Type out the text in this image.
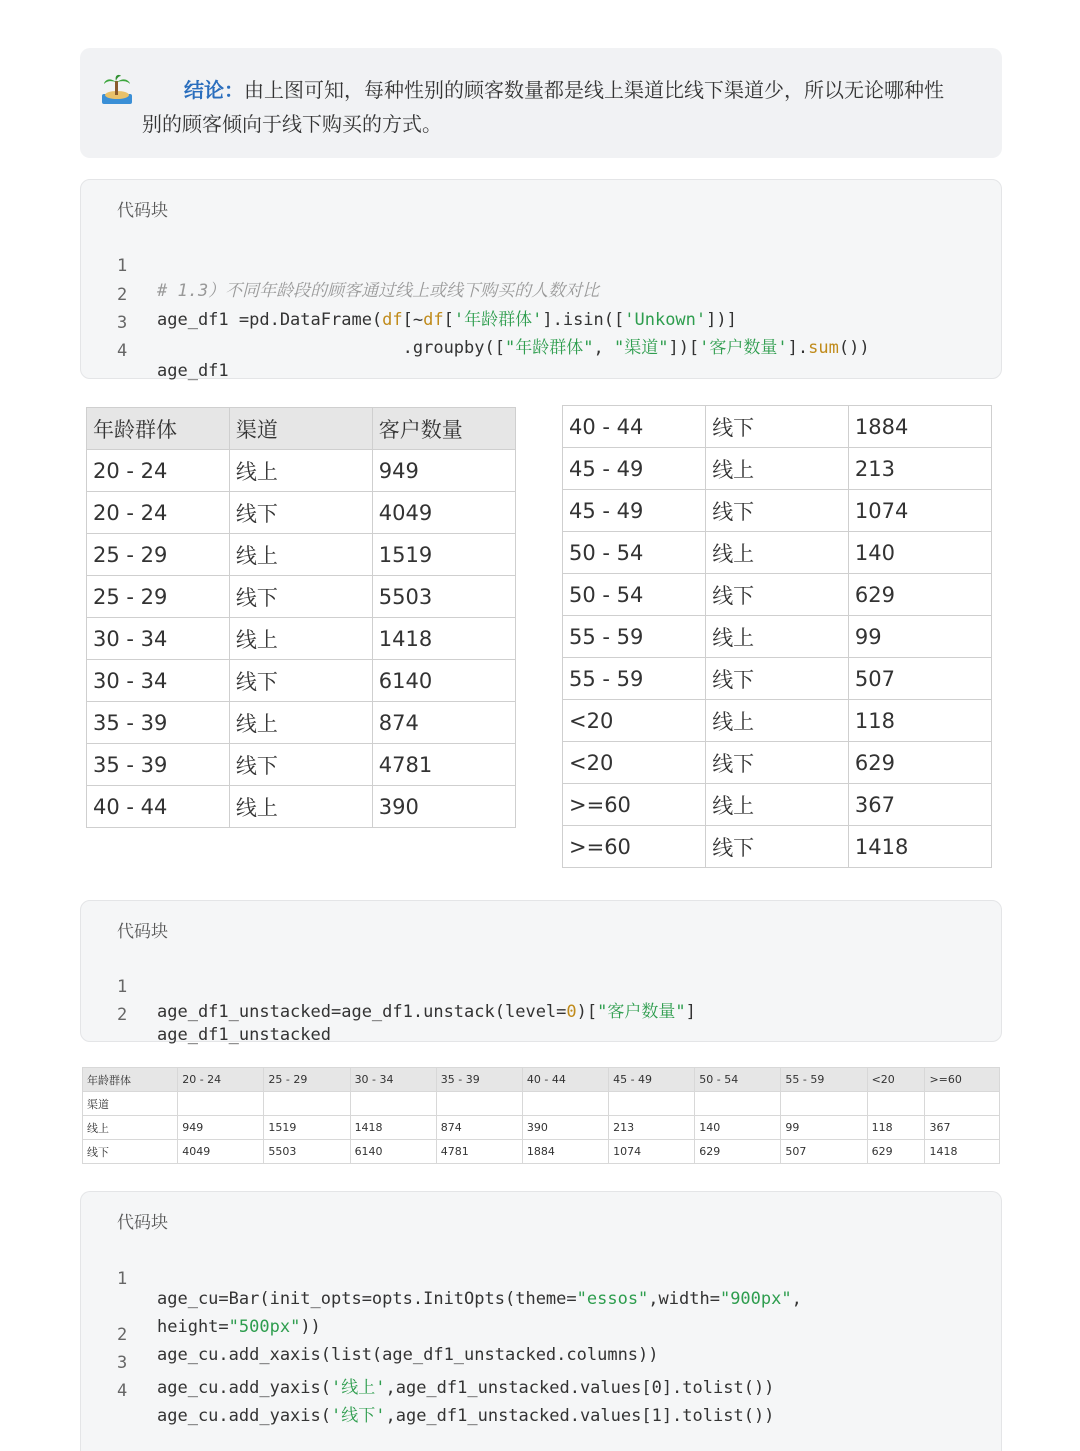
结论：由上图可知，每种性别的顾客数量都是线上渠道比线下渠道少，所以无论哪种性
别的顾客倾向于线下购买的方式。
代码块

1

# 1.3）不同年龄段的顾客通过线上或线下购买的人数对比

2

age_df1 =pd.DataFrame(df[~df['年龄群体'].isin(['Unkown'])]

3

.groupby(["年龄群体", "渠道"])['客户数量'].sum())

4

age_df1

年龄群体	渠道	客户数量
20 - 24	线上	949
20 - 24	线下	4049
25 - 29	线上	1519
25 - 29	线下	5503
30 - 34	线上	1418
30 - 34	线下	6140
35 - 39	线上	874
35 - 39	线下	4781
40 - 44	线上	390
40 - 44	线下	1884
45 - 49	线上	213
45 - 49	线下	1074
50 - 54	线上	140
50 - 54	线下	629
55 - 59	线上	99
55 - 59	线下	507
<20	线上	118
<20	线下	629
>=60	线上	367
>=60	线下	1418
代码块

1

age_df1_unstacked=age_df1.unstack(level=0)["客户数量"]

2

age_df1_unstacked

年龄群体	20 - 24	25 - 29	30 - 34	35 - 39	40 - 44	45 - 49	50 - 54	55 - 59	<20	>=60
渠道										
线上	949	1519	1418	874	390	213	140	99	118	367
线下	4049	5503	6140	4781	1884	1074	629	507	629	1418
代码块

1

age_cu=Bar(init_opts=opts.InitOpts(theme="essos",width="900px",

height="500px"))

2

age_cu.add_xaxis(list(age_df1_unstacked.columns))

3

age_cu.add_yaxis('线上',age_df1_unstacked.values[0].tolist())

4

age_cu.add_yaxis('线下',age_df1_unstacked.values[1].tolist())
